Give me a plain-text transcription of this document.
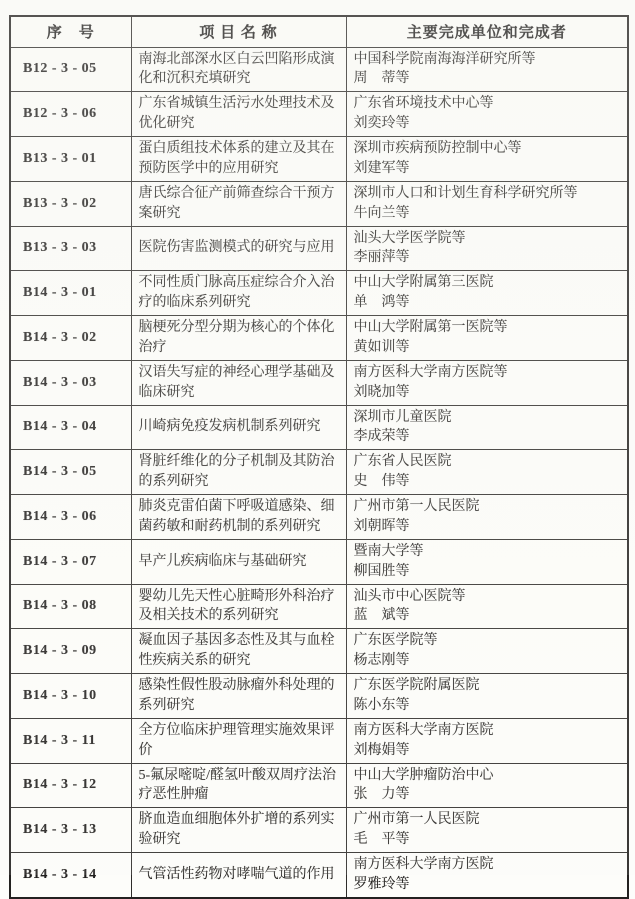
序　号	项 目 名 称	主要完成单位和完成者
B12 - 3 - 05	南海北部深水区白云凹陷形成演化和沉积充填研究	中国科学院南海海洋研究所等
周　蒂等

B12 - 3 - 06	广东省城镇生活污水处理技术及优化研究	广东省环境技术中心等
刘奕玲等

B13 - 3 - 01	蛋白质组技术体系的建立及其在预防医学中的应用研究	深圳市疾病预防控制中心等
刘建军等

B13 - 3 - 02	唐氏综合征产前筛查综合干预方案研究	深圳市人口和计划生育科学研究所等
牛向兰等

B13 - 3 - 03	医院伤害监测模式的研究与应用	汕头大学医学院等
李丽萍等

B14 - 3 - 01	不同性质门脉高压症综合介入治疗的临床系列研究	中山大学附属第三医院
单　鸿等

B14 - 3 - 02	脑梗死分型分期为核心的个体化治疗	中山大学附属第一医院等
黄如训等

B14 - 3 - 03	汉语失写症的神经心理学基础及临床研究	南方医科大学南方医院等
刘晓加等

B14 - 3 - 04	川崎病免疫发病机制系列研究	深圳市儿童医院
李成荣等

B14 - 3 - 05	肾脏纤维化的分子机制及其防治的系列研究	广东省人民医院
史　伟等

B14 - 3 - 06	肺炎克雷伯菌下呼吸道感染、细菌药敏和耐药机制的系列研究	广州市第一人民医院
刘朝晖等

B14 - 3 - 07	早产儿疾病临床与基础研究	暨南大学等
柳国胜等

B14 - 3 - 08	婴幼儿先天性心脏畸形外科治疗及相关技术的系列研究	汕头市中心医院等
蓝　斌等

B14 - 3 - 09	凝血因子基因多态性及其与血栓性疾病关系的研究	广东医学院等
杨志刚等

B14 - 3 - 10	感染性假性股动脉瘤外科处理的系列研究	广东医学院附属医院
陈小东等

B14 - 3 - 11	全方位临床护理管理实施效果评价	南方医科大学南方医院
刘梅娟等

B14 - 3 - 12	5-氟尿嘧啶/醛氢叶酸双周疗法治疗恶性肿瘤	中山大学肿瘤防治中心
张　力等

B14 - 3 - 13	脐血造血细胞体外扩增的系列实验研究	广州市第一人民医院
毛　平等

B14 - 3 - 14	气管活性药物对哮喘气道的作用	南方医科大学南方医院
罗雅玲等
